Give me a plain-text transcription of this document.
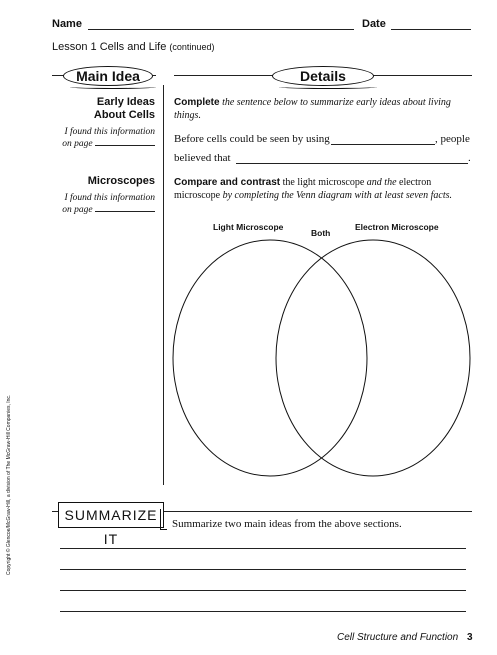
Name	Date
Lesson 1 Cells and Life (continued)
Main Idea	Details
Early Ideas
About Cells
I found this information
on page
Complete the sentence below to summarize early ideas about living things.
Before cells could be seen by using	, people
believed that	.
Microscopes
I found this information
on page
Compare and contrast the light microscope and the electron microscope by completing the Venn diagram with at least seven facts.
Light Microscope
Both
Electron Microscope
SUMMARIZE IT
Summarize two main ideas from the above sections.
Copyright © Glencoe/McGraw-Hill, a division of The McGraw-Hill Companies, Inc.
Cell Structure and Function 3
